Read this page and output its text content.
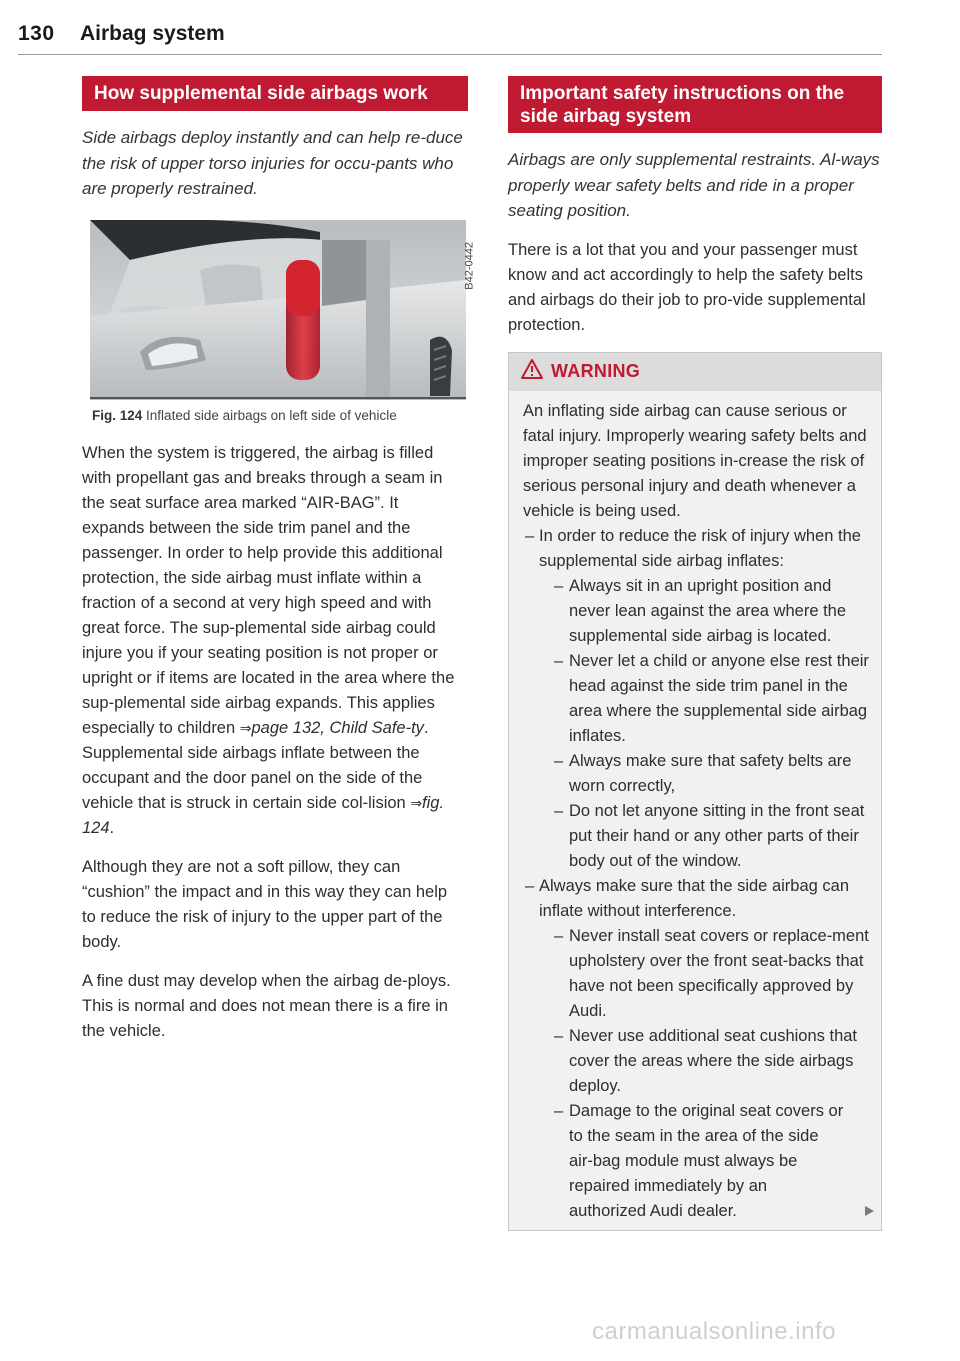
130 Airbag system
How supplemental side airbags work

Side airbags deploy instantly and can help re-duce the risk of upper torso injuries for occu-pants who are properly restrained.

B42-0442
Fig. 124 Inflated side airbags on left side of vehicle

When the system is triggered, the airbag is filled with propellant gas and breaks through a seam in the seat surface area marked “AIR-BAG”. It expands between the side trim panel and the passenger. In order to help provide this additional protection, the side airbag must inflate within a fraction of a second at very high speed and with great force. The sup-plemental side airbag could injure you if your seating position is not proper or upright or if items are located in the area where the sup-plemental side airbag expands. This applies especially to children ⇒page 132, Child Safe-ty. Supplemental side airbags inflate between the occupant and the door panel on the side of the vehicle that is struck in certain side col-lision ⇒fig. 124.

Although they are not a soft pillow, they can “cushion” the impact and in this way they can help to reduce the risk of injury to the upper part of the body.

A fine dust may develop when the airbag de-ploys. This is normal and does not mean there is a fire in the vehicle.

Important safety instructions on the side airbag system

Airbags are only supplemental restraints. Al-ways properly wear safety belts and ride in a proper seating position.

There is a lot that you and your passenger must know and act accordingly to help the safety belts and airbags do their job to pro-vide supplemental protection.

WARNING
An inflating side airbag can cause serious or fatal injury. Improperly wearing safety belts and improper seating positions in-crease the risk of serious personal injury and death whenever a vehicle is being used.
– In order to reduce the risk of injury when the supplemental side airbag inflates:
– Always sit in an upright position and never lean against the area where the supplemental side airbag is located.
– Never let a child or anyone else rest their head against the side trim panel in the area where the supplemental side airbag inflates.
– Always make sure that safety belts are worn correctly,
– Do not let anyone sitting in the front seat put their hand or any other parts of their body out of the window.
– Always make sure that the side airbag can inflate without interference.
– Never install seat covers or replace-ment upholstery over the front seat-backs that have not been specifically approved by Audi.
– Never use additional seat cushions that cover the areas where the side airbags deploy.
– Damage to the original seat covers or to the seam in the area of the side air-bag module must always be repaired immediately by an authorized Audi dealer.
carmanualsonline.info
